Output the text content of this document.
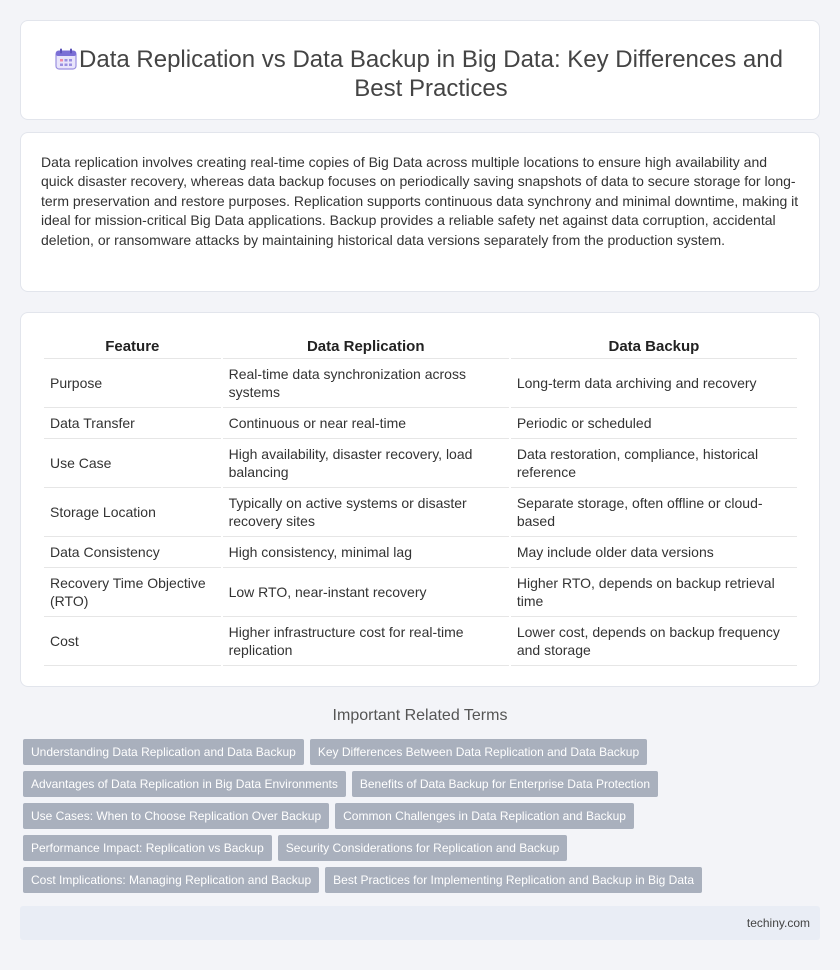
Data Replication vs Data Backup in Big Data: Key Differences and Best Practices

Data replication involves creating real-time copies of Big Data across multiple locations to ensure high availability and quick disaster recovery, whereas data backup focuses on periodically saving snapshots of data to secure storage for long-term preservation and restore purposes. Replication supports continuous data synchrony and minimal downtime, making it ideal for mission-critical Big Data applications. Backup provides a reliable safety net against data corruption, accidental deletion, or ransomware attacks by maintaining historical data versions separately from the production system.

Feature	Data Replication	Data Backup
Purpose	Real-time data synchronization across systems	Long-term data archiving and recovery
Data Transfer	Continuous or near real-time	Periodic or scheduled
Use Case	High availability, disaster recovery, load balancing	Data restoration, compliance, historical reference
Storage Location	Typically on active systems or disaster recovery sites	Separate storage, often offline or cloud-based
Data Consistency	High consistency, minimal lag	May include older data versions
Recovery Time Objective (RTO)	Low RTO, near-instant recovery	Higher RTO, depends on backup retrieval time
Cost	Higher infrastructure cost for real-time replication	Lower cost, depends on backup frequency and storage
Important Related Terms
Understanding Data Replication and Data Backup	Key Differences Between Data Replication and Data Backup
Advantages of Data Replication in Big Data Environments	Benefits of Data Backup for Enterprise Data Protection
Use Cases: When to Choose Replication Over Backup	Common Challenges in Data Replication and Backup
Performance Impact: Replication vs Backup	Security Considerations for Replication and Backup
Cost Implications: Managing Replication and Backup	Best Practices for Implementing Replication and Backup in Big Data
techiny.com
